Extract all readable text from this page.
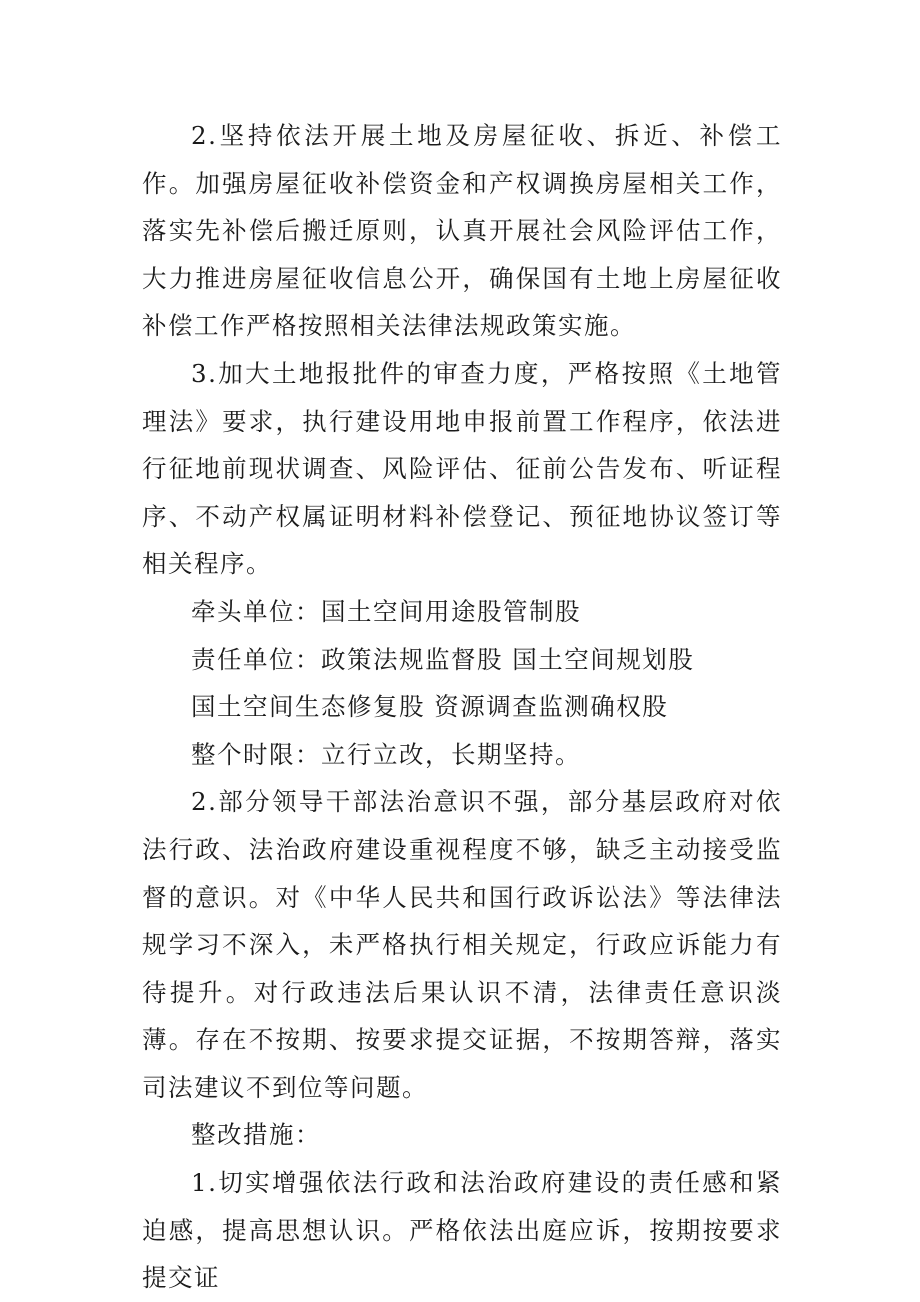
2.坚持依法开展土地及房屋征收、拆近、补偿工作。加强房屋征收补偿资金和产权调换房屋相关工作，落实先补偿后搬迁原则，认真开展社会风险评估工作，大力推进房屋征收信息公开，确保国有土地上房屋征收补偿工作严格按照相关法律法规政策实施。

3.加大土地报批件的审查力度，严格按照《土地管理法》要求，执行建设用地申报前置工作程序，依法进行征地前现状调查、风险评估、征前公告发布、听证程序、不动产权属证明材料补偿登记、预征地协议签订等相关程序。

牵头单位：国土空间用途股管制股

责任单位：政策法规监督股 国土空间规划股

国土空间生态修复股 资源调查监测确权股

整个时限：立行立改，长期坚持。

2.部分领导干部法治意识不强，部分基层政府对依法行政、法治政府建设重视程度不够，缺乏主动接受监督的意识。对《中华人民共和国行政诉讼法》等法律法规学习不深入，未严格执行相关规定，行政应诉能力有待提升。对行政违法后果认识不清，法律责任意识淡薄。存在不按期、按要求提交证据，不按期答辩，落实司法建议不到位等问题。

整改措施：

1.切实增强依法行政和法治政府建设的责任感和紧迫感，提高思想认识。严格依法出庭应诉，按期按要求提交证
